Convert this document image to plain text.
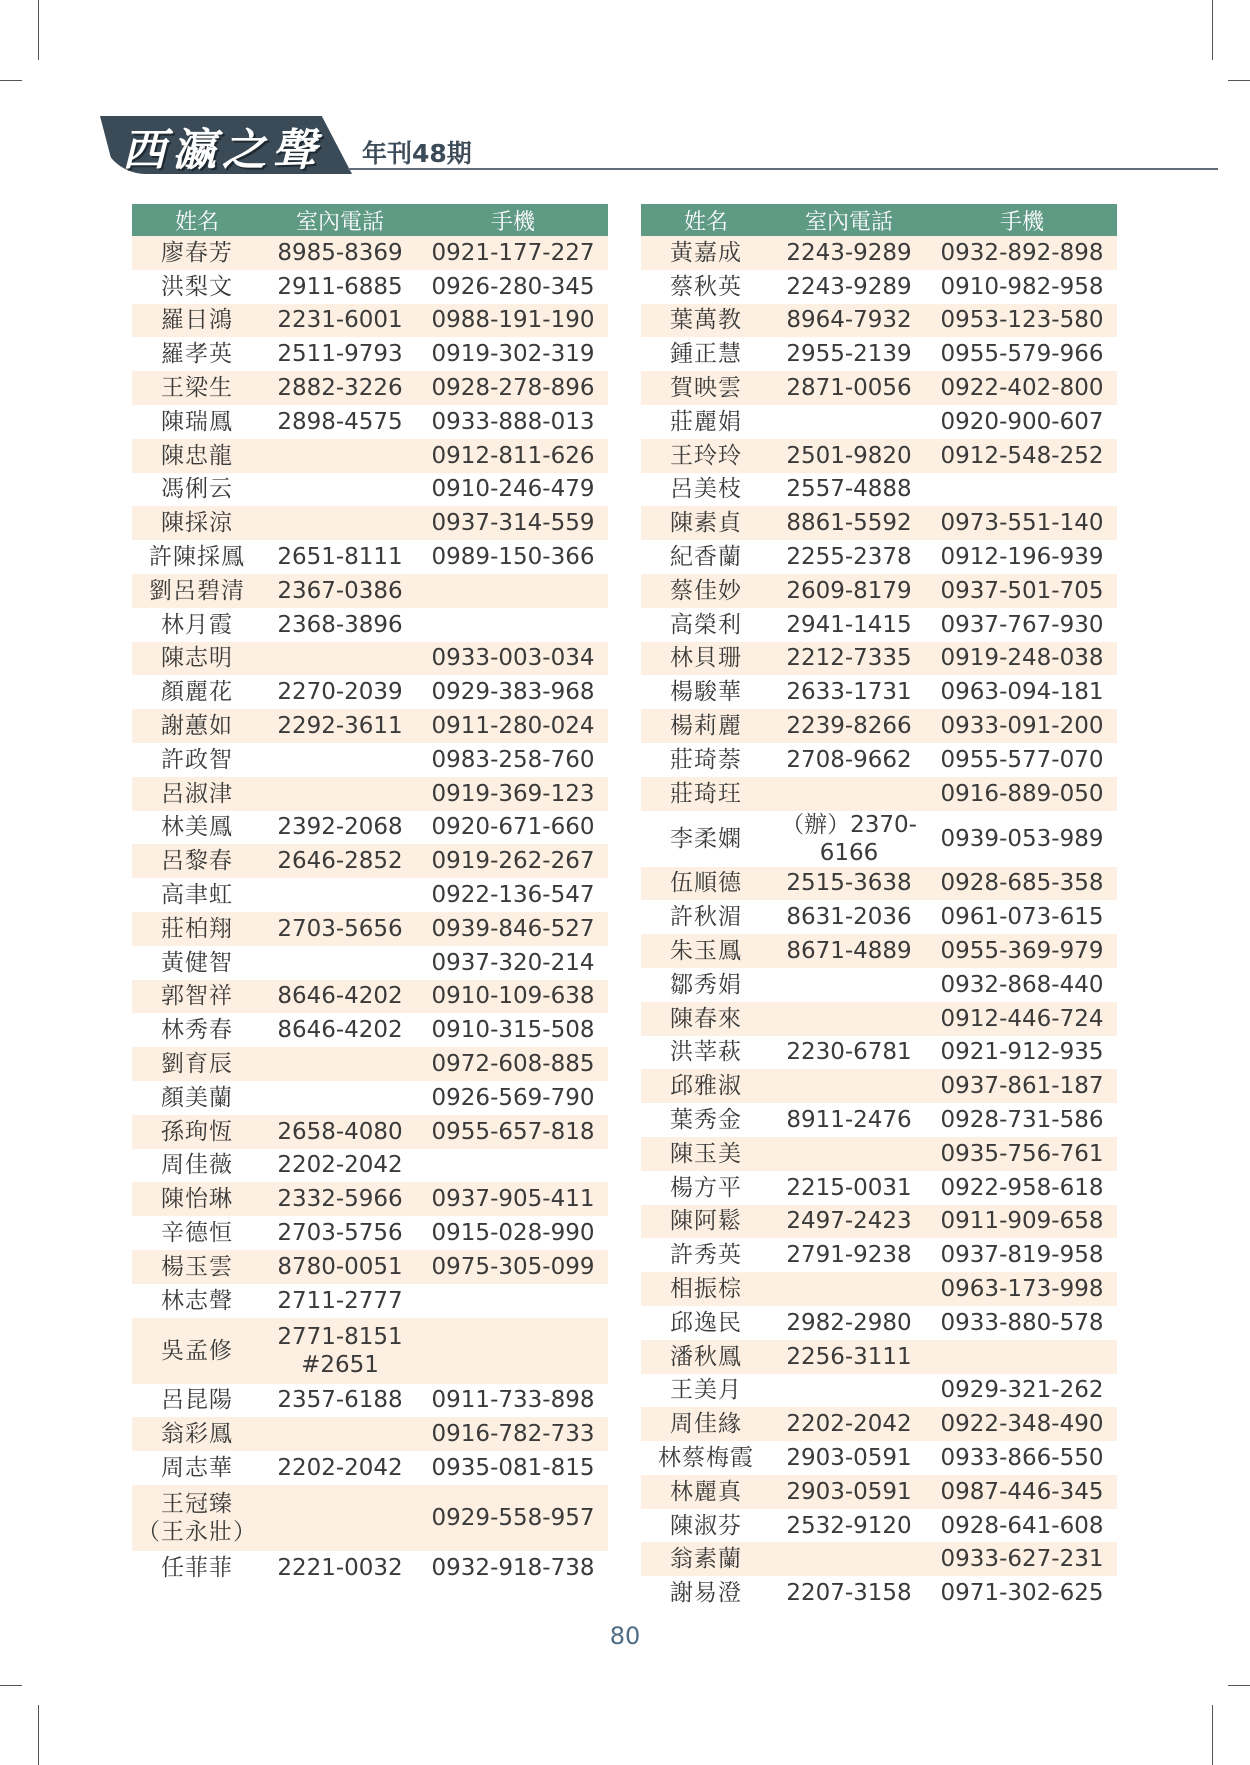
西瀛之聲 年刊48期
姓名	室內電話	手機
廖春芳	8985-8369	0921-177-227
洪梨文	2911-6885	0926-280-345
羅日鴻	2231-6001	0988-191-190
羅孝英	2511-9793	0919-302-319
王梁生	2882-3226	0928-278-896
陳瑞鳳	2898-4575	0933-888-013
陳忠龍		0912-811-626
馮俐云		0910-246-479
陳採涼		0937-314-559
許陳採鳳	2651-8111	0989-150-366
劉呂碧清	2367-0386	
林月霞	2368-3896	
陳志明		0933-003-034
顏麗花	2270-2039	0929-383-968
謝蕙如	2292-3611	0911-280-024
許政智		0983-258-760
呂淑津		0919-369-123
林美鳳	2392-2068	0920-671-660
呂黎春	2646-2852	0919-262-267
高聿虹		0922-136-547
莊柏翔	2703-5656	0939-846-527
黃健智		0937-320-214
郭智祥	8646-4202	0910-109-638
林秀春	8646-4202	0910-315-508
劉育辰		0972-608-885
顏美蘭		0926-569-790
孫珣恆	2658-4080	0955-657-818
周佳薇	2202-2042	
陳怡琳	2332-5966	0937-905-411
辛德恒	2703-5756	0915-028-990
楊玉雲	8780-0051	0975-305-099
林志聲	2711-2777	
吳孟修	2771-8151
#2651	

呂昆陽	2357-6188	0911-733-898
翁彩鳳		0916-782-733
周志華	2202-2042	0935-081-815

王冠臻
（王永壯）		0929-558-957
任菲菲	2221-0032	0932-918-738
姓名	室內電話	手機
黃嘉成	2243-9289	0932-892-898
蔡秋英	2243-9289	0910-982-958
葉萬教	8964-7932	0953-123-580
鍾正慧	2955-2139	0955-579-966
賀映雲	2871-0056	0922-402-800
莊麗娟		0920-900-607
王玲玲	2501-9820	0912-548-252
呂美枝	2557-4888	
陳素貞	8861-5592	0973-551-140
紀香蘭	2255-2378	0912-196-939
蔡佳妙	2609-8179	0937-501-705
高榮利	2941-1415	0937-767-930
林貝珊	2212-7335	0919-248-038
楊駿華	2633-1731	0963-094-181
楊莉麗	2239-8266	0933-091-200
莊琦萘	2708-9662	0955-577-070
莊琦玨		0916-889-050
李柔嫻	（辦）2370-6166	0939-053-989
伍順德	2515-3638	0928-685-358
許秋湄	8631-2036	0961-073-615
朱玉鳳	8671-4889	0955-369-979
鄒秀娟		0932-868-440
陳春來		0912-446-724
洪莘萩	2230-6781	0921-912-935
邱雅淑		0937-861-187
葉秀金	8911-2476	0928-731-586
陳玉美		0935-756-761
楊方平	2215-0031	0922-958-618
陳阿鬆	2497-2423	0911-909-658
許秀英	2791-9238	0937-819-958
相振棕		0963-173-998
邱逸民	2982-2980	0933-880-578
潘秋鳳	2256-3111	
王美月		0929-321-262
周佳緣	2202-2042	0922-348-490
林蔡梅霞	2903-0591	0933-866-550
林麗真	2903-0591	0987-446-345
陳淑芬	2532-9120	0928-641-608
翁素蘭		0933-627-231
謝易澄	2207-3158	0971-302-625
80
